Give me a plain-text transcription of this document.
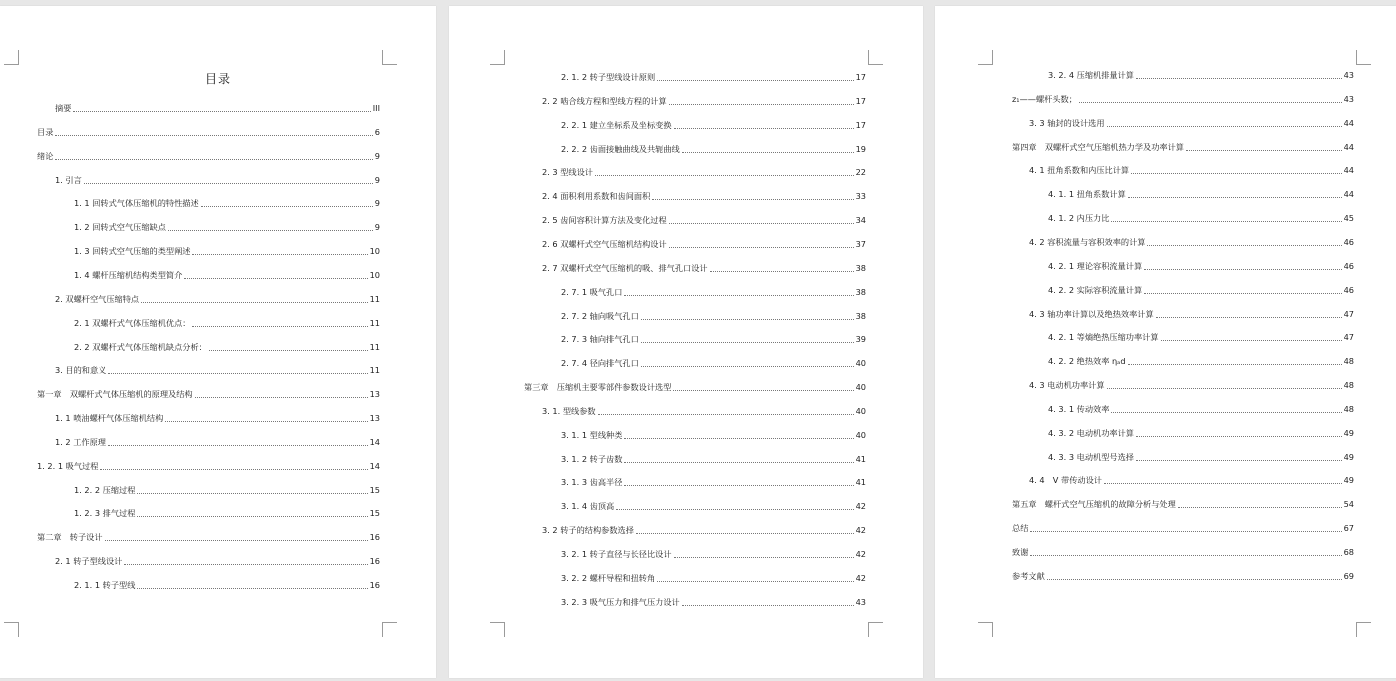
目录
摘要	III
目录	6
绪论	9
1. 引言	9
1. 1 回转式气体压缩机的特性描述	9
1. 2 回转式空气压缩缺点	9
1. 3 回转式空气压缩的类型阐述	10
1. 4 螺杆压缩机结构类型简介	10
2. 双螺杆空气压缩特点	11
2. 1 双螺杆式气体压缩机优点：	11
2. 2 双螺杆式气体压缩机缺点分析：	11
3. 目的和意义	11
第一章　双螺杆式气体压缩机的原理及结构	13
1. 1 喷油螺杆气体压缩机结构	13
1. 2 工作原理	14
1. 2. 1 吸气过程	14
1. 2. 2 压缩过程	15
1. 2. 3 排气过程	15
第二章　转子设计	16
2. 1 转子型线设计	16
2. 1. 1 转子型线	16
2. 1. 2 转子型线设计原则	17
2. 2 啮合线方程和型线方程的计算	17
2. 2. 1 建立坐标系及坐标变换	17
2. 2. 2 齿面接触曲线及共轭曲线	19
2. 3 型线设计	22
2. 4 面积利用系数和齿间面积	33
2. 5 齿间容积计算方法及变化过程	34
2. 6 双螺杆式空气压缩机结构设计	37
2. 7 双螺杆式空气压缩机的吸、排气孔口设计	38
2. 7. 1 吸气孔口	38
2. 7. 2 轴向吸气孔口	38
2. 7. 3 轴向排气孔口	39
2. 7. 4 径向排气孔口	40
第三章　压缩机主要零部件参数设计选型	40
3. 1. 型线参数	40
3. 1. 1 型线种类	40
3. 1. 2 转子齿数	41
3. 1. 3 齿高半径	41
3. 1. 4 齿顶高	42
3. 2 转子的结构参数选择	42
3. 2. 1 转子直径与长径比设计	42
3. 2. 2 螺杆导程和扭转角	42
3. 2. 3 吸气压力和排气压力设计	43
3. 2. 4 压缩机排量计算	43
z₁——螺杆头数；	43
3. 3 轴封的设计选用	44
第四章　双螺杆式空气压缩机热力学及功率计算	44
4. 1 扭角系数和内压比计算	44
4. 1. 1 扭角系数计算	44
4. 1. 2 内压力比	45
4. 2 容积流量与容积效率的计算	46
4. 2. 1 理论容积流量计算	46
4. 2. 2 实际容积流量计算	46
4. 3 轴功率计算以及绝热效率计算	47
4. 2. 1 等熵绝热压缩功率计算	47
4. 2. 2 绝热效率 ηₐd	48
4. 3 电动机功率计算	48
4. 3. 1 传动效率	48
4. 3. 2 电动机功率计算	49
4. 3. 3 电动机型号选择	49
4. 4　V 带传动设计	49
第五章　螺杆式空气压缩机的故障分析与处理	54
总结	67
致谢	68
参考文献	69
